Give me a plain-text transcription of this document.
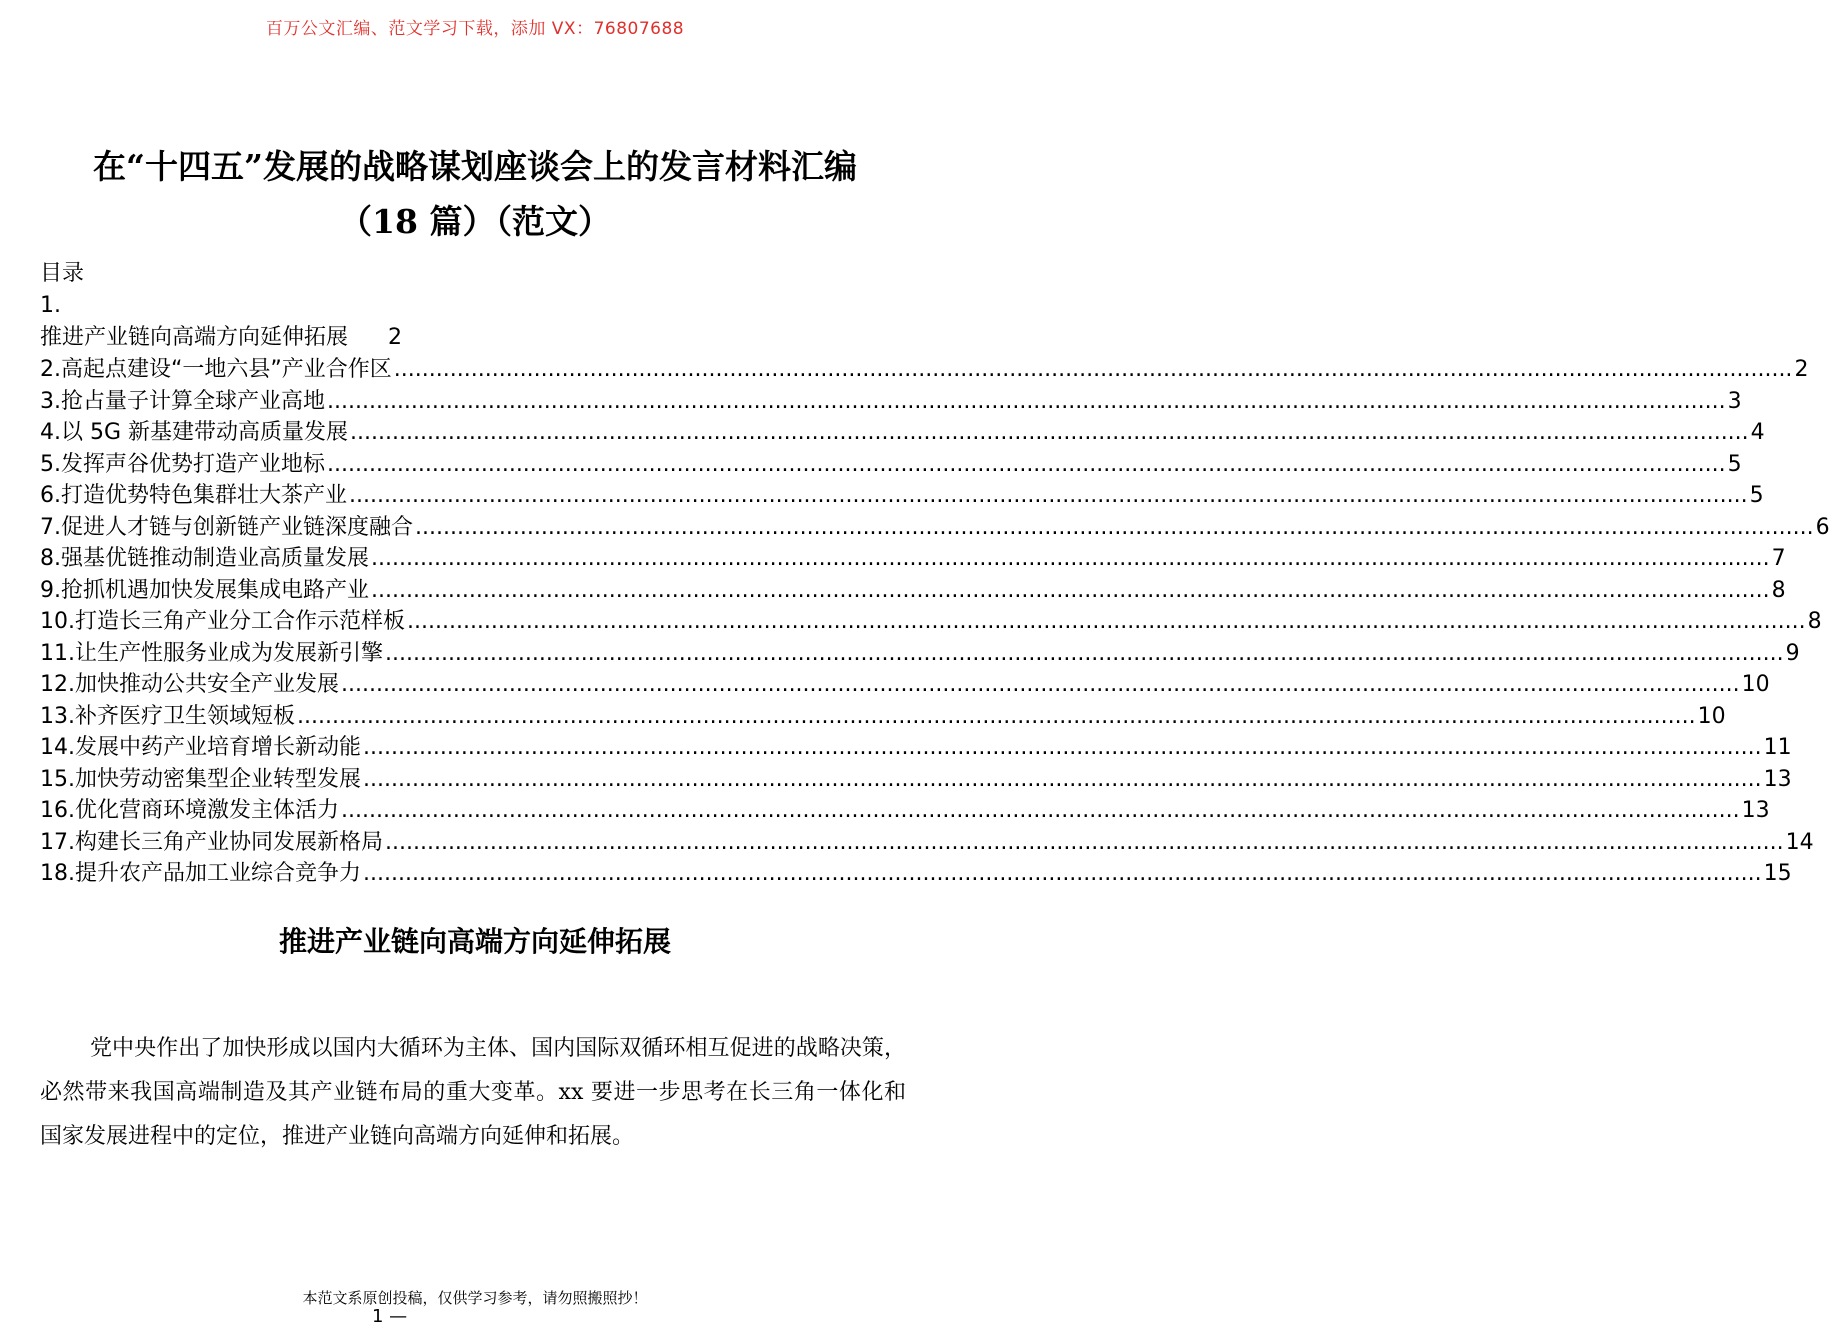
百万公文汇编、范文学习下载，添加 VX：76807688
在“十四五”发展的战略谋划座谈会上的发言材料汇编
（18 篇）（范文）
目录
1.
推进产业链向高端方向延伸拓展 2
2.高起点建设“一地六县”产业合作区 ........................................................................................................................................................................................................ 2
3.抢占量子计算全球产业高地 ........................................................................................................................................................................................................ 3
4.以 5G 新基建带动高质量发展 ........................................................................................................................................................................................................ 4
5.发挥声谷优势打造产业地标 ........................................................................................................................................................................................................ 5
6.打造优势特色集群壮大茶产业 ........................................................................................................................................................................................................ 5
7.促进人才链与创新链产业链深度融合 ........................................................................................................................................................................................................ 6
8.强基优链推动制造业高质量发展 ........................................................................................................................................................................................................ 7
9.抢抓机遇加快发展集成电路产业 ........................................................................................................................................................................................................ 8
10.打造长三角产业分工合作示范样板 ........................................................................................................................................................................................................ 8
11.让生产性服务业成为发展新引擎 ........................................................................................................................................................................................................ 9
12.加快推动公共安全产业发展 ........................................................................................................................................................................................................ 10
13.补齐医疗卫生领域短板 ........................................................................................................................................................................................................ 10
14.发展中药产业培育增长新动能 ........................................................................................................................................................................................................ 11
15.加快劳动密集型企业转型发展 ........................................................................................................................................................................................................ 13
16.优化营商环境激发主体活力 ........................................................................................................................................................................................................ 13
17.构建长三角产业协同发展新格局 ........................................................................................................................................................................................................ 14
18.提升农产品加工业综合竞争力 ........................................................................................................................................................................................................ 15
推进产业链向高端方向延伸拓展
党中央作出了加快形成以国内大循环为主体、国内国际双循环相互促进的战略决策，必然带来我国高端制造及其产业链布局的重大变革。xx 要进一步思考在长三角一体化和国家发展进程中的定位，推进产业链向高端方向延伸和拓展。
本范文系原创投稿，仅供学习参考，请勿照搬照抄！
1 —
